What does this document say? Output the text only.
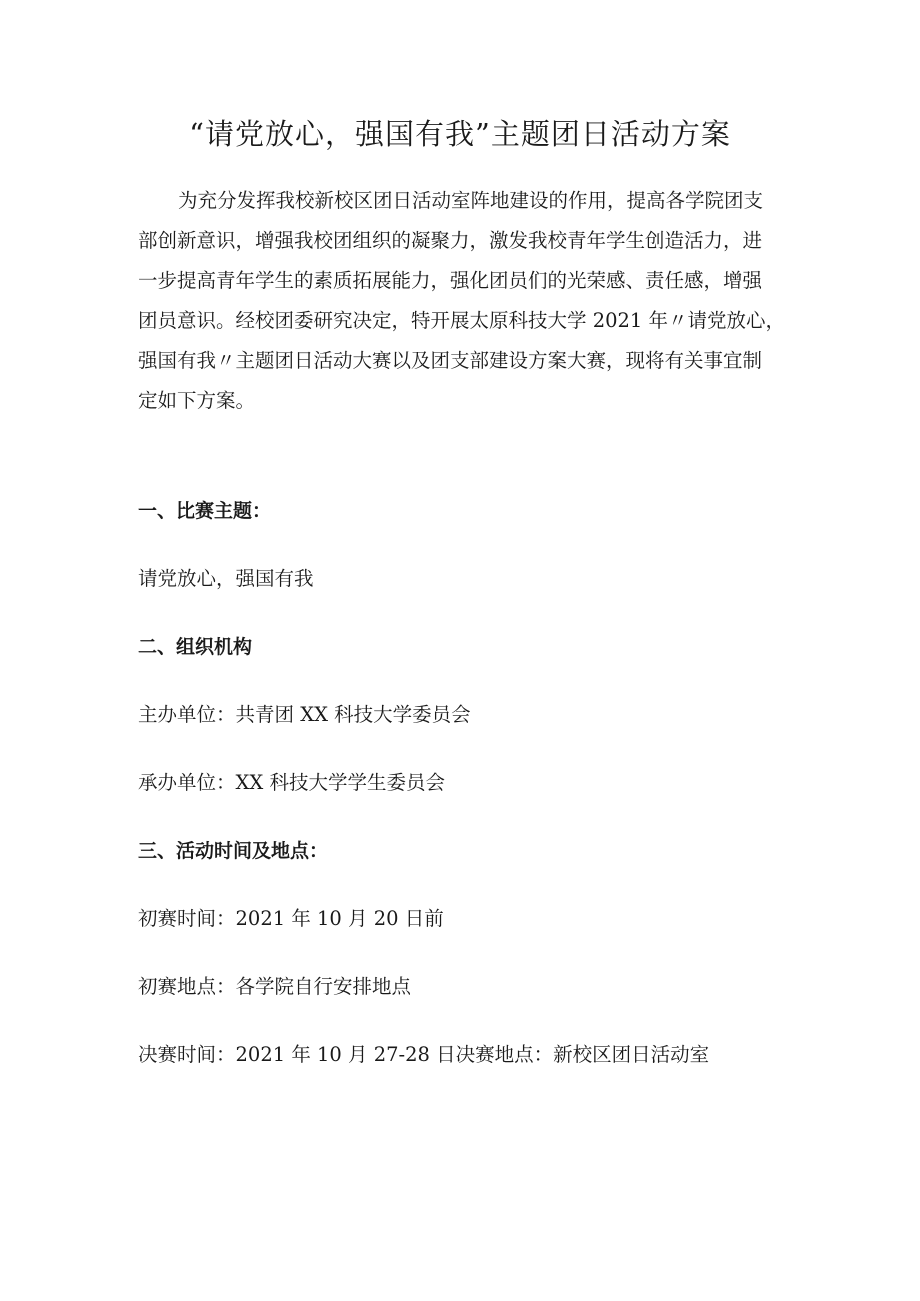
“请党放心，强国有我”主题团日活动方案
为充分发挥我校新校区团日活动室阵地建设的作用，提高各学院团支
部创新意识，增强我校团组织的凝聚力，激发我校青年学生创造活力，进
一步提高青年学生的素质拓展能力，强化团员们的光荣感、责任感，增强
团员意识。经校团委研究决定，特开展太原科技大学 2021 年〃请党放心，
强国有我〃主题团日活动大赛以及团支部建设方案大赛，现将有关事宜制
定如下方案。
一、比赛主题：
请党放心，强国有我
二、组织机构
主办单位：共青团 XX 科技大学委员会
承办单位：XX 科技大学学生委员会
三、活动时间及地点：
初赛时间：2021 年 10 月 20 日前
初赛地点：各学院自行安排地点
决赛时间：2021 年 10 月 27-28 日决赛地点：新校区团日活动室
